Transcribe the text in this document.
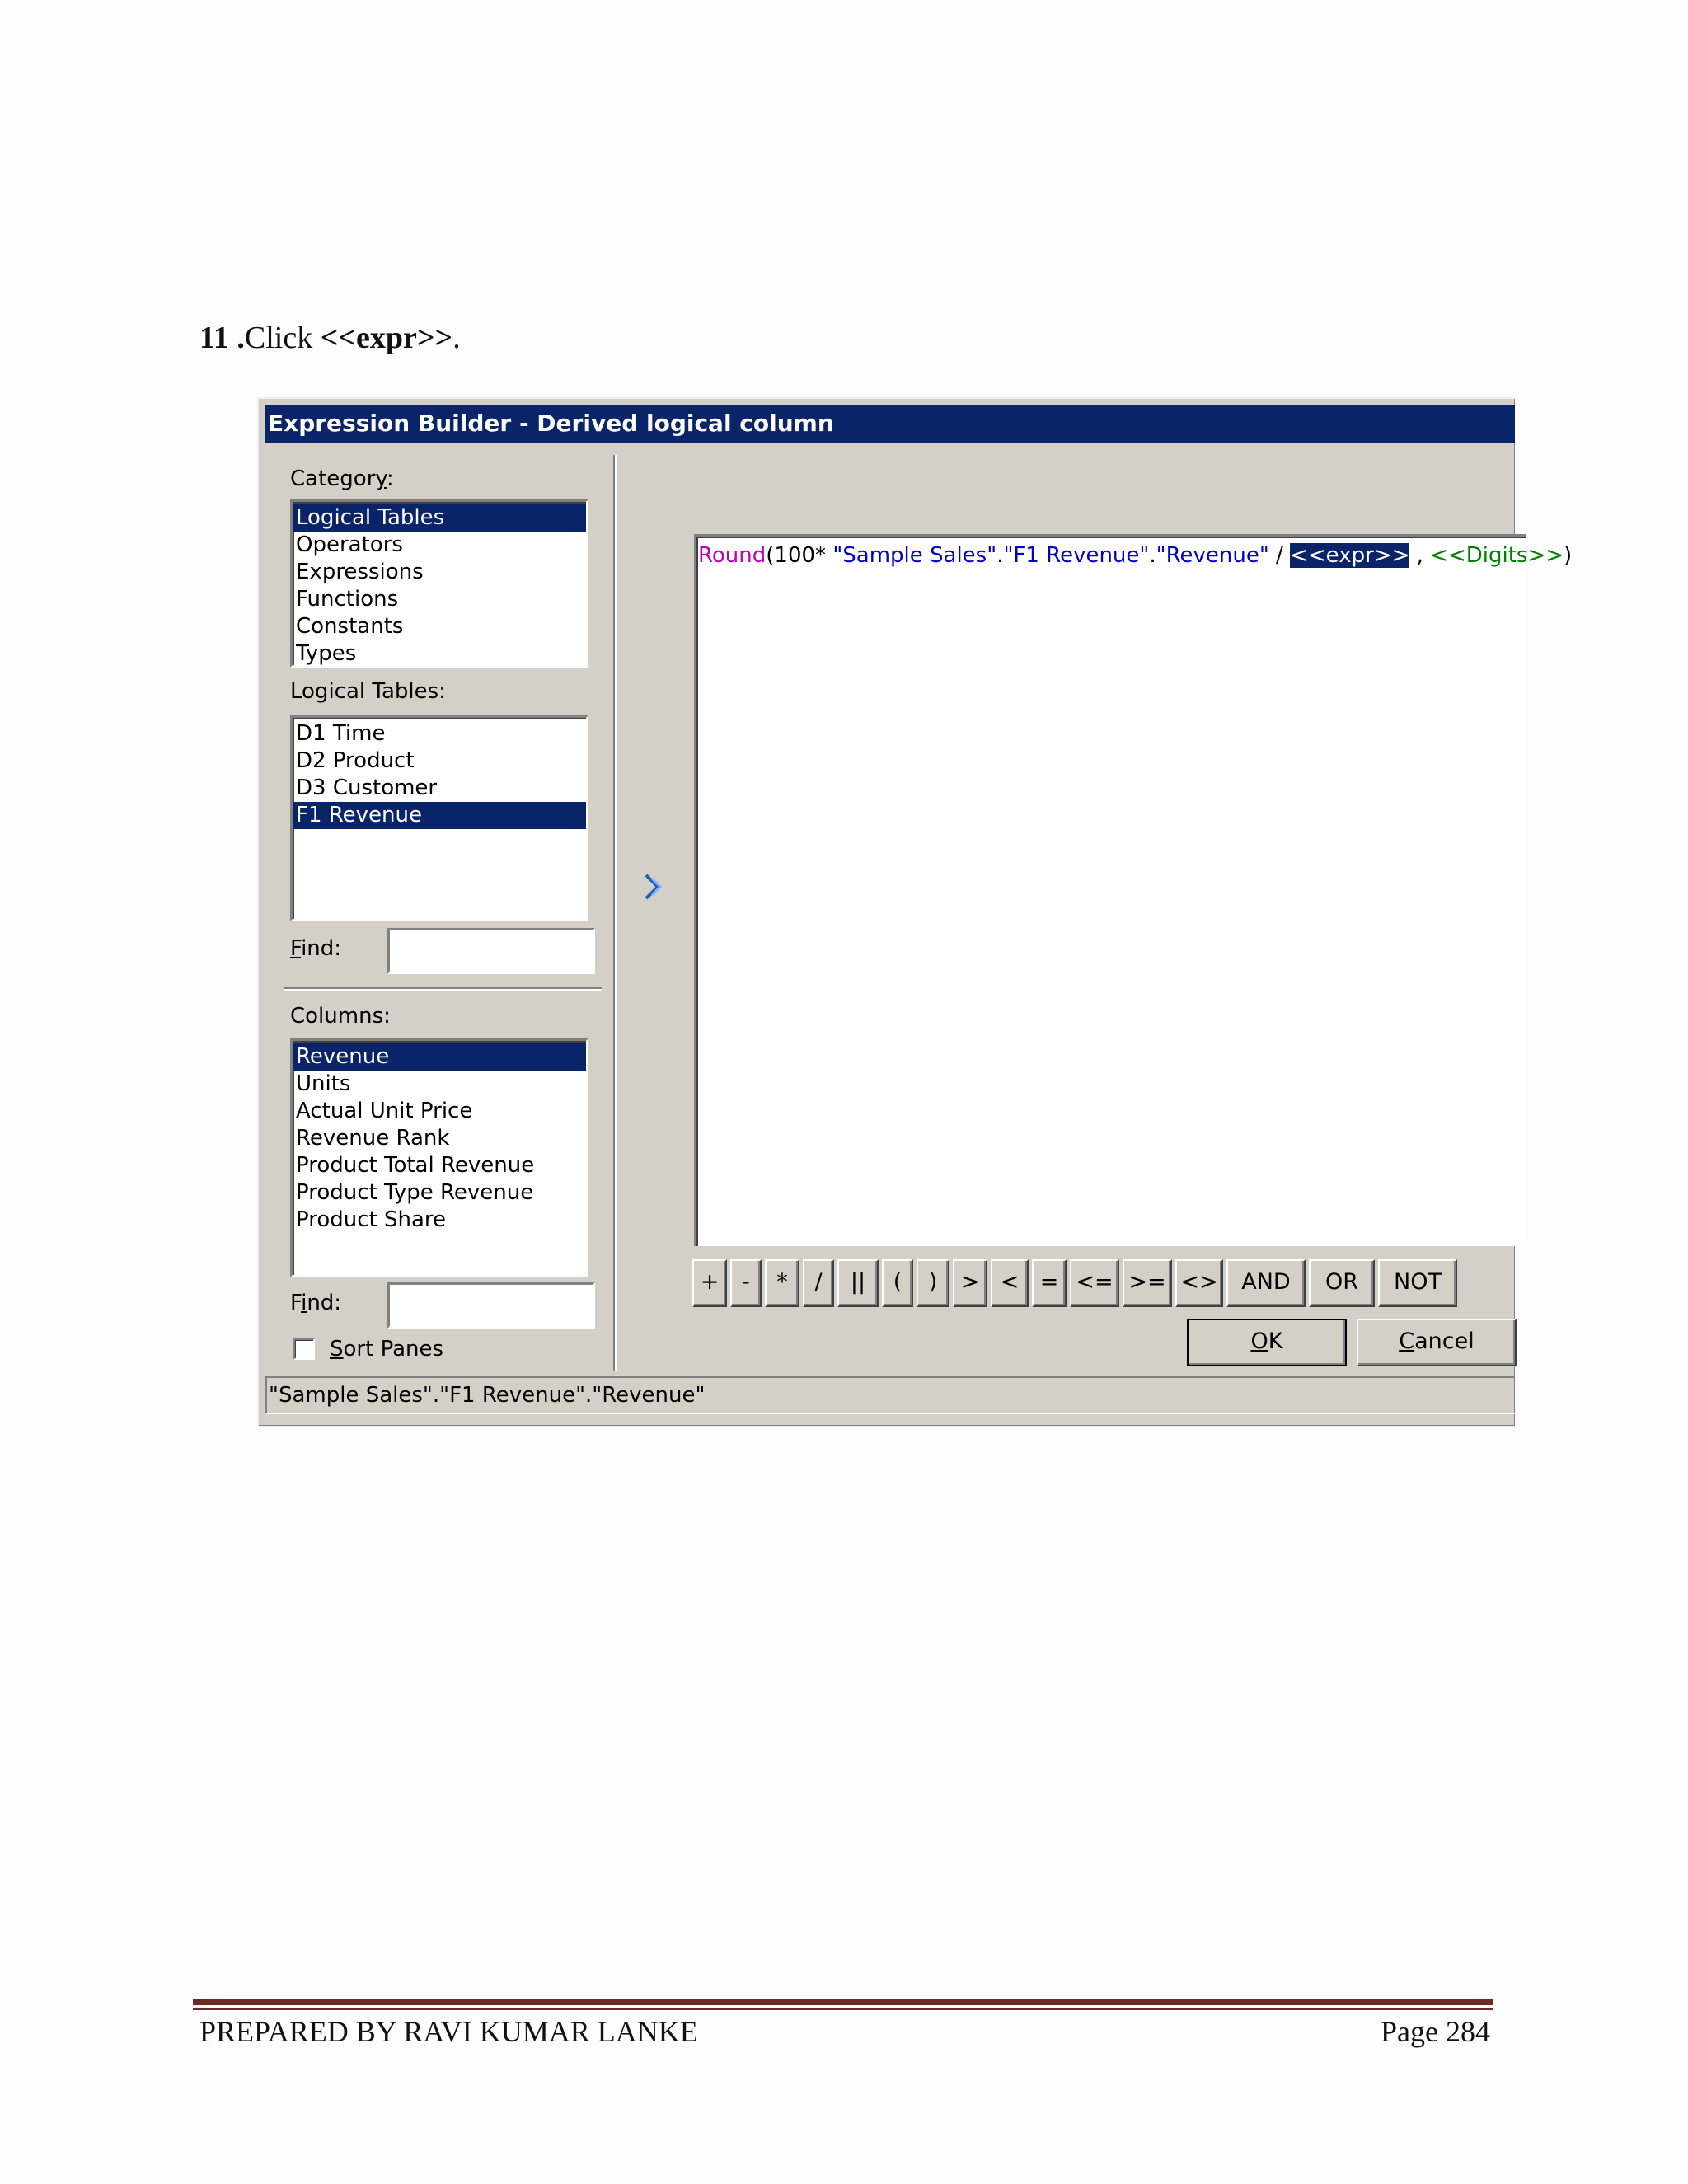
11 .Click <<expr>>.
Expression Builder - Derived logical column
Category:
Logical Tables
Operators
Expressions
Functions
Constants
Types
Logical Tables:
D1 Time
D2 Product
D3 Customer
F1 Revenue
Find:
Columns:
Revenue
Units
Actual Unit Price
Revenue Rank
Product Total Revenue
Product Type Revenue
Product Share
Find:
Sort Panes
Round(100* "Sample Sales"."F1 Revenue"."Revenue" / <<expr>> , <<Digits>>)
+	-	*	/	||	(	)	> < = <= >= <>	AND	OR	NOT
OK	Cancel
"Sample Sales"."F1 Revenue"."Revenue"
PREPARED BY RAVI KUMAR LANKE	Page 284
